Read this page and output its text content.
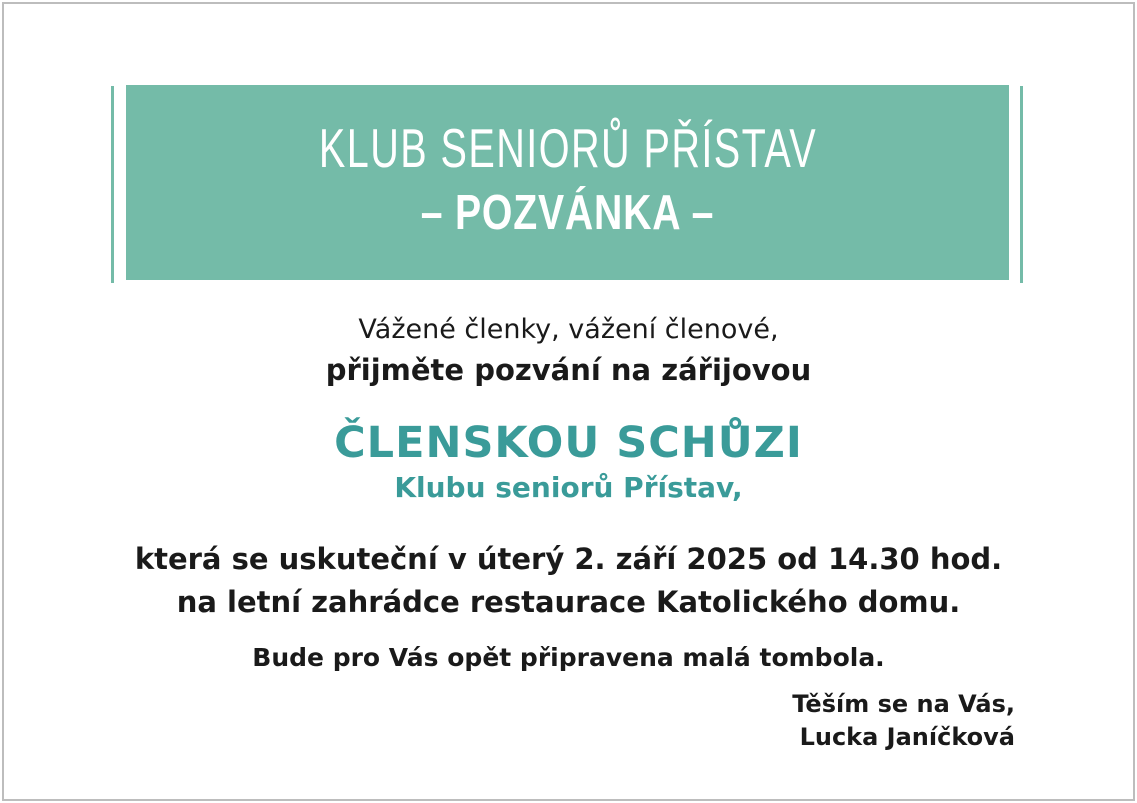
KLUB SENIORŮ PŘÍSTAV
– POZVÁNKA –
Vážené členky, vážení členové,
přijměte pozvání na zářijovou
ČLENSKOU SCHŮZI
Klubu seniorů Přístav,
která se uskuteční v úterý 2. září 2025 od 14.30 hod.
na letní zahrádce restaurace Katolického domu.
Bude pro Vás opět připravena malá tombola.
Těším se na Vás,
Lucka Janíčková
